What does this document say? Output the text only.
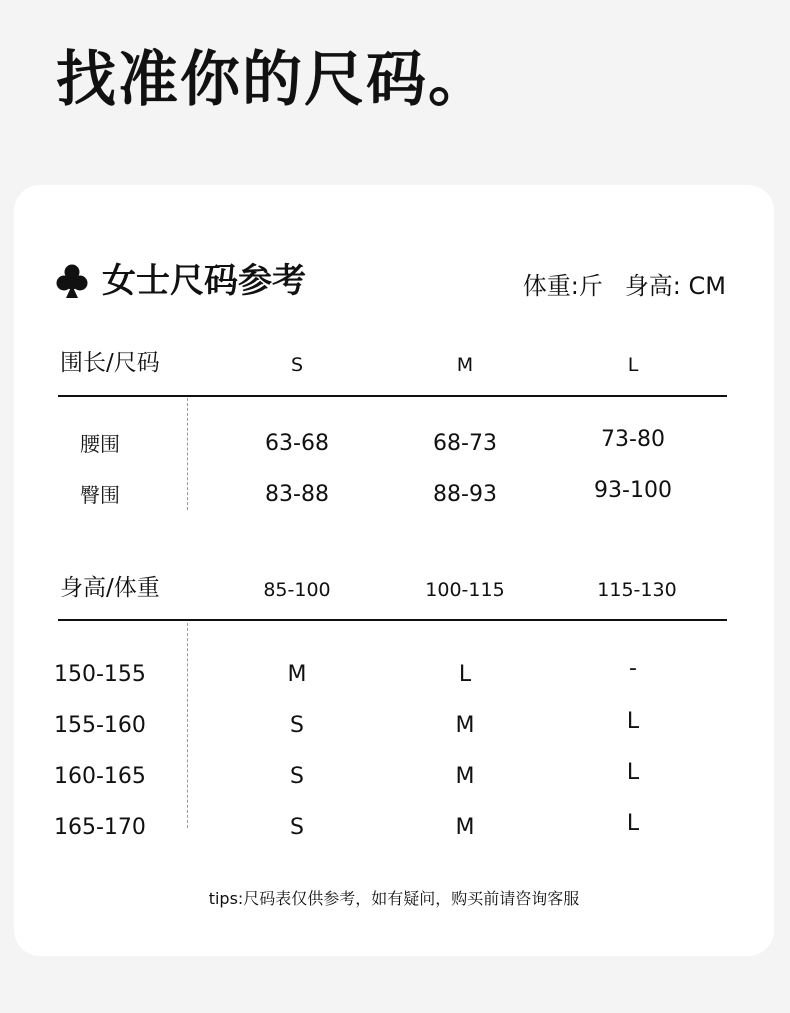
找准你的尺码。
女士尺码参考	体重:斤 身高: CM
围长/尺码	S	M	L
腰围	63-68	68-73	73-80
臀围	83-88	88-93	93-100
身高/体重	85-100	100-115	115-130
150-155	M	L	-
155-160	S	M	L
160-165	S	M	L
165-170	S	M	L
tips:尺码表仅供参考，如有疑问，购买前请咨询客服
